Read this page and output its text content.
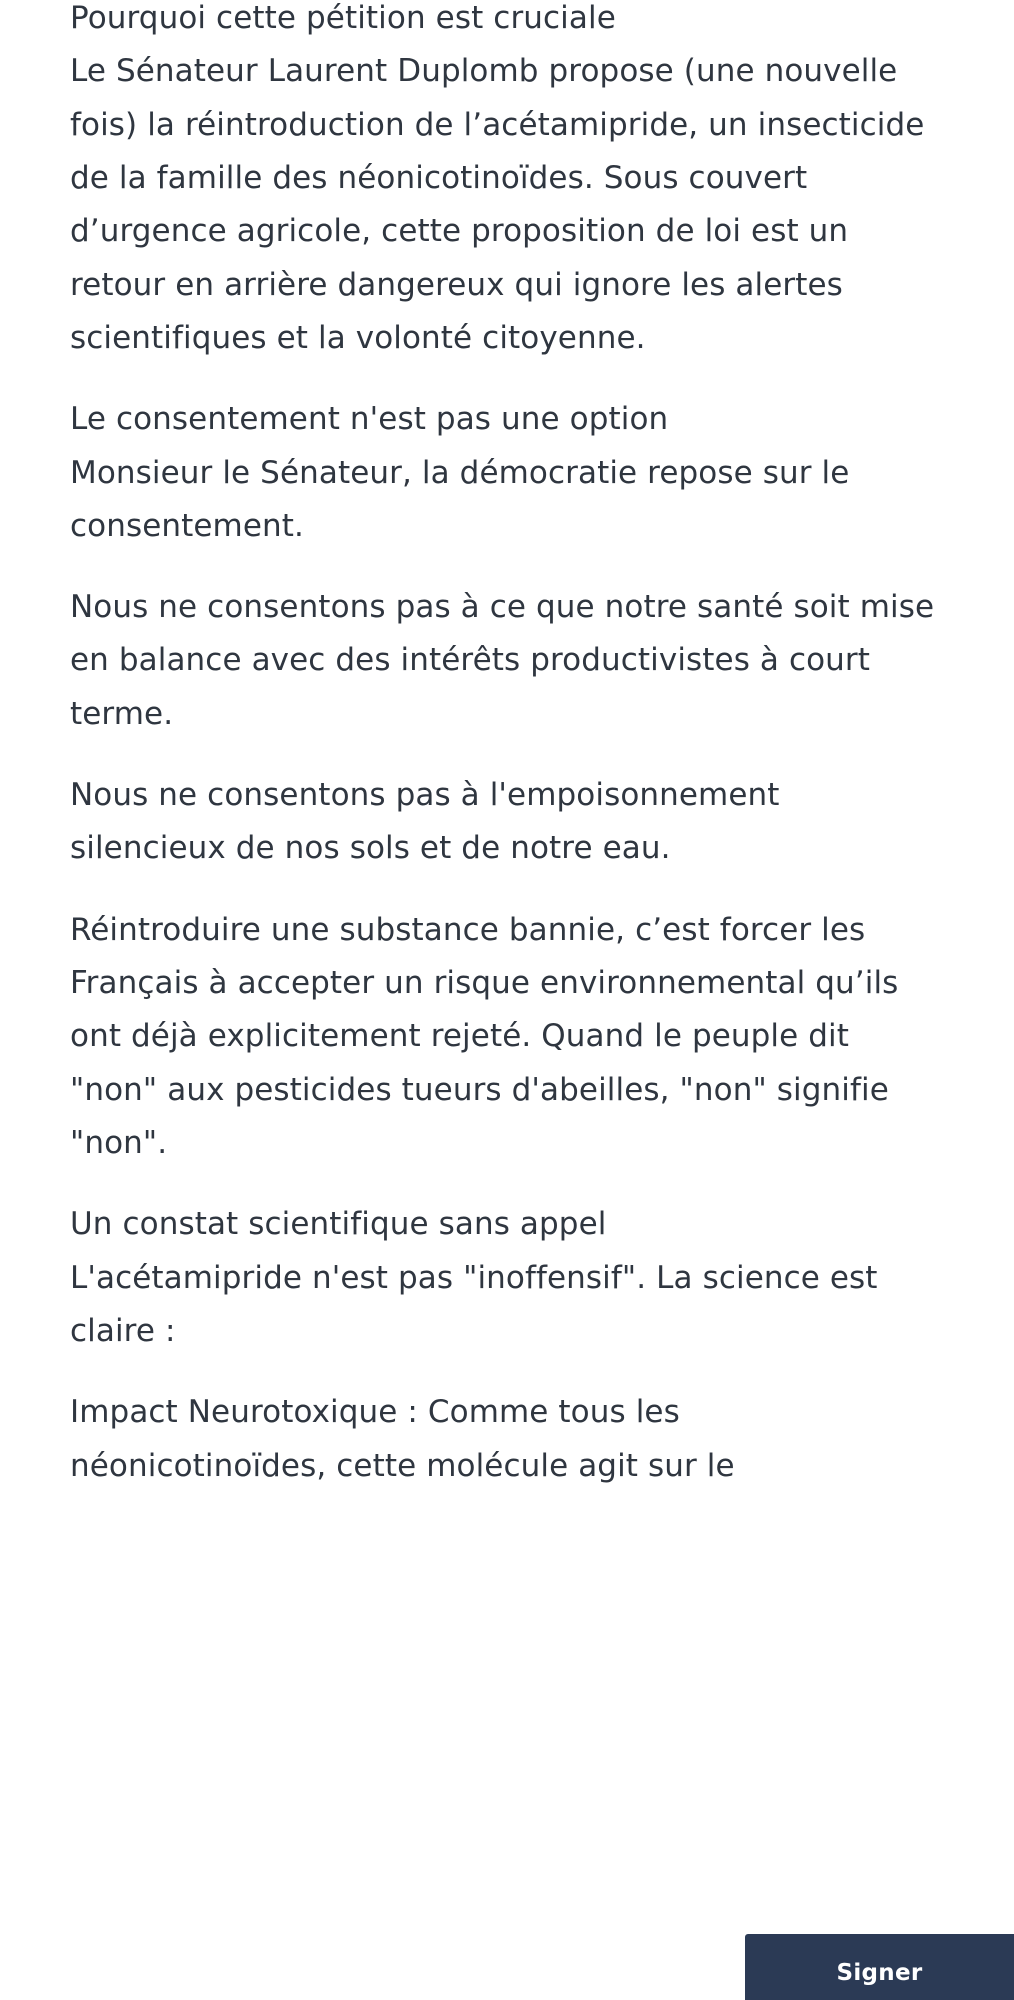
Pourquoi cette pétition est cruciale
Le Sénateur Laurent Duplomb propose (une nouvelle fois) la réintroduction de l’acétamipride, un insecticide de la famille des néonicotinoïdes. Sous couvert d’urgence agricole, cette proposition de loi est un retour en arrière dangereux qui ignore les alertes scientifiques et la volonté citoyenne.

Le consentement n'est pas une option
Monsieur le Sénateur, la démocratie repose sur le consentement.

Nous ne consentons pas à ce que notre santé soit mise en balance avec des intérêts productivistes à court terme.

Nous ne consentons pas à l'empoisonnement silencieux de nos sols et de notre eau.

Réintroduire une substance bannie, c’est forcer les Français à accepter un risque environnemental qu’ils ont déjà explicitement rejeté. Quand le peuple dit "non" aux pesticides tueurs d'abeilles, "non" signifie "non".

Un constat scientifique sans appel
L'acétamipride n'est pas "inoffensif". La science est claire :

Impact Neurotoxique : Comme tous les néonicotinoïdes, cette molécule agit sur le

Signer
